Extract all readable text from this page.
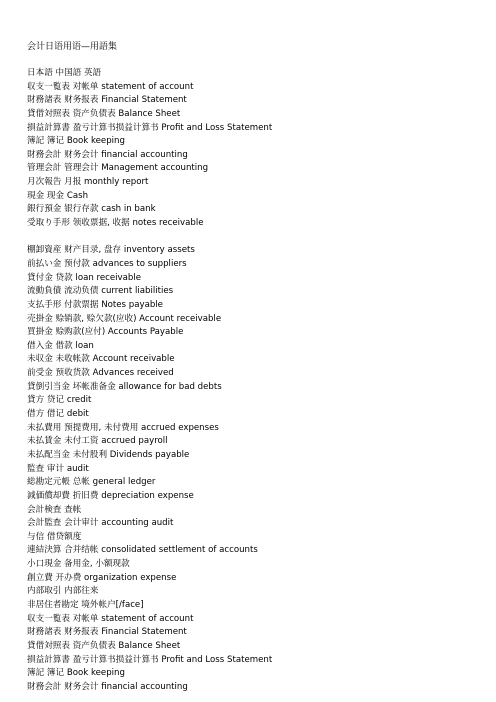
会计日语用语—用語集
日本語 中国語 英語
収支一覧表 对帐单 statement of account
財務諸表 财务报表 Financial Statement
貸借対照表 资产负债表 Balance Sheet
損益計算書 盈亏计算书损益计算书 Profit and Loss Statement
簿記 簿记 Book keeping
財務会計 财务会计 financial accounting
管理会計 管理会计 Management accounting
月次報告 月报 monthly report
現金 现金 Cash
銀行預金 银行存款 cash in bank
受取り手形 领收票据, 收据 notes receivable
棚卸資産 财产目录, 盘存 inventory assets
前払い金 预付款 advances to suppliers
貸付金 贷款 loan receivable
流動負債 流动负债 current liabilities
支払手形 付款票据 Notes payable
売掛金 赊销款, 赊欠款(应收) Account receivable
買掛金 赊购款(应付) Accounts Payable
借入金 借款 loan
未収金 未收帐款 Account receivable
前受金 预收货款 Advances received
貸倒引当金 坏帐准备金 allowance for bad debts
貸方 贷记 credit
借方 借记 debit
未払費用 预提费用, 未付费用 accrued expenses
未払賃金 未付工资 accrued payroll
未払配当金 未付股利 Dividends payable
監査 审计 audit
総勘定元帳 总帐 general ledger
減価償却費 折旧费 depreciation expense
会計検査 查帐
会計監査 会计审计 accounting audit
与信 借贷额度
連結決算 合并结帐 consolidated settlement of accounts
小口現金 备用金, 小额现款
創立費 开办费 organization expense
内部取引 内部往来
非居住者勘定 境外帐户[/face]
収支一覧表 对帐单 statement of account
財務諸表 财务报表 Financial Statement
貸借対照表 资产负债表 Balance Sheet
損益計算書 盈亏计算书损益计算书 Profit and Loss Statement
簿記 簿记 Book keeping
財務会計 财务会计 financial accounting
